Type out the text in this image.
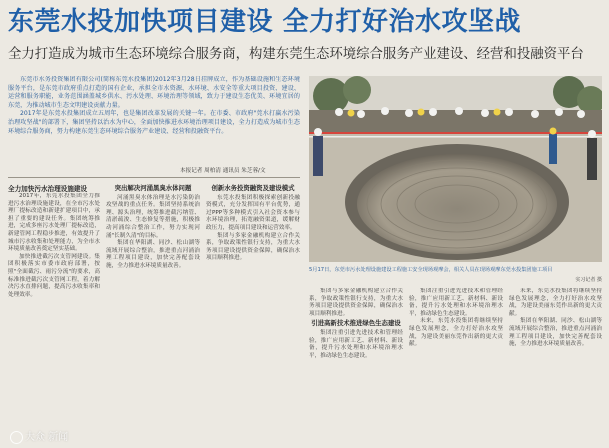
东莞水投加快项目建设 全力打好治水攻坚战
全力打造成为城市生态环境综合服务商，构建东莞生态环境综合服务产业建设、经营和投融资平台

东莞市水务投资集团有限公司(简称东莞水投集团)2012年3月28日挂牌成立，作为基础设施和生态环境服务平台，是东莞市政府重点打造的国有企业，承担全市水资源、水环境、水安全等重大项目投资、建设、运营和服务职能，业务范围涵盖城乡供水、污水处理、环境治理等领域，致力于建设生态优美、环境宜居的东莞，为推动城市生态文明建设贡献力量。

2017年是东莞水投集团成立五周年，也是集团改革发展的关键一年。在市委、市政府"莞水打赢水污染治理攻坚战"的部署下，集团坚持以治水为中心，全面加快推进水环境治理项目建设，全力打造成为城市生态环境综合服务商，努力构建东莞生态环境综合服务产业建设、经营和投融资平台。

本报记者 周柏清 通讯员 朱芝蓉/文
5月17日，东莞市污水处理设施建设工程施工安全现场观摩会，相关人员在现场观摩东莞水投集团施工项目
实习记者 摄
全力加快污水治理设施建设

2017年，东莞水投集团全力推进污水治理设施建设，在全市污水处理厂提标改造和新建扩建项目中，承担了重要的建设任务。集团统筹推进，完成多座污水处理厂提标改造，新建管网工程稳步推进，有效提升了城市污水收集和处理能力，为全市水环境质量改善奠定坚实基础。

加快推进截污次支管网建设。集团积极落实市委市政府部署，按照"全面截污、雨污分流"的要求，高标准推进截污次支管网工程，着力解决污水直排问题，提高污水收集率和处理效率。

突出解决河涌黑臭水体问题

河涌黑臭水体治理是水污染防治攻坚战的重点任务。集团坚持系统治理、源头治理，统筹推进截污纳管、清淤疏浚、生态修复等措施，积极推动河涌综合整治工作，努力实现河涌"长制久清"的目标。

集团在华阳湖、同沙、松山湖等流域开展综合整治，推进重点河涌治理工程项目建设，加快完善配套设施，全力推进水环境质量改善。

创新水务投资融资及建设模式

东莞水投集团积极探索创新投融资模式，充分发挥国有平台优势，通过PPP等多种模式引入社会资本参与水环境治理，拓宽融资渠道，缓解财政压力，提高项目建设和运营效率。

集团与多家金融机构建立合作关系，争取政策性银行支持，为重大水务项目建设提供资金保障，确保治水项目顺利推进。

集团与多家金融机构建立合作关系，争取政策性银行支持，为重大水务项目建设提供资金保障，确保治水项目顺利推进。

引进高新技术推进绿色生态建设

集团注重引进先进技术和管理经验，推广应用新工艺、新材料、新设备，提升污水处理和水环境治理水平，推动绿色生态建设。

集团注重引进先进技术和管理经验，推广应用新工艺、新材料、新设备，提升污水处理和水环境治理水平，推动绿色生态建设。

未来，东莞水投集团将继续坚持绿色发展理念，全力打好治水攻坚战，为建设美丽东莞作出新的更大贡献。

未来，东莞水投集团将继续坚持绿色发展理念，全力打好治水攻坚战，为建设美丽东莞作出新的更大贡献。

集团在华阳湖、同沙、松山湖等流域开展综合整治，推进重点河涌治理工程项目建设，加快完善配套设施，全力推进水环境质量改善。

大众 新闻
